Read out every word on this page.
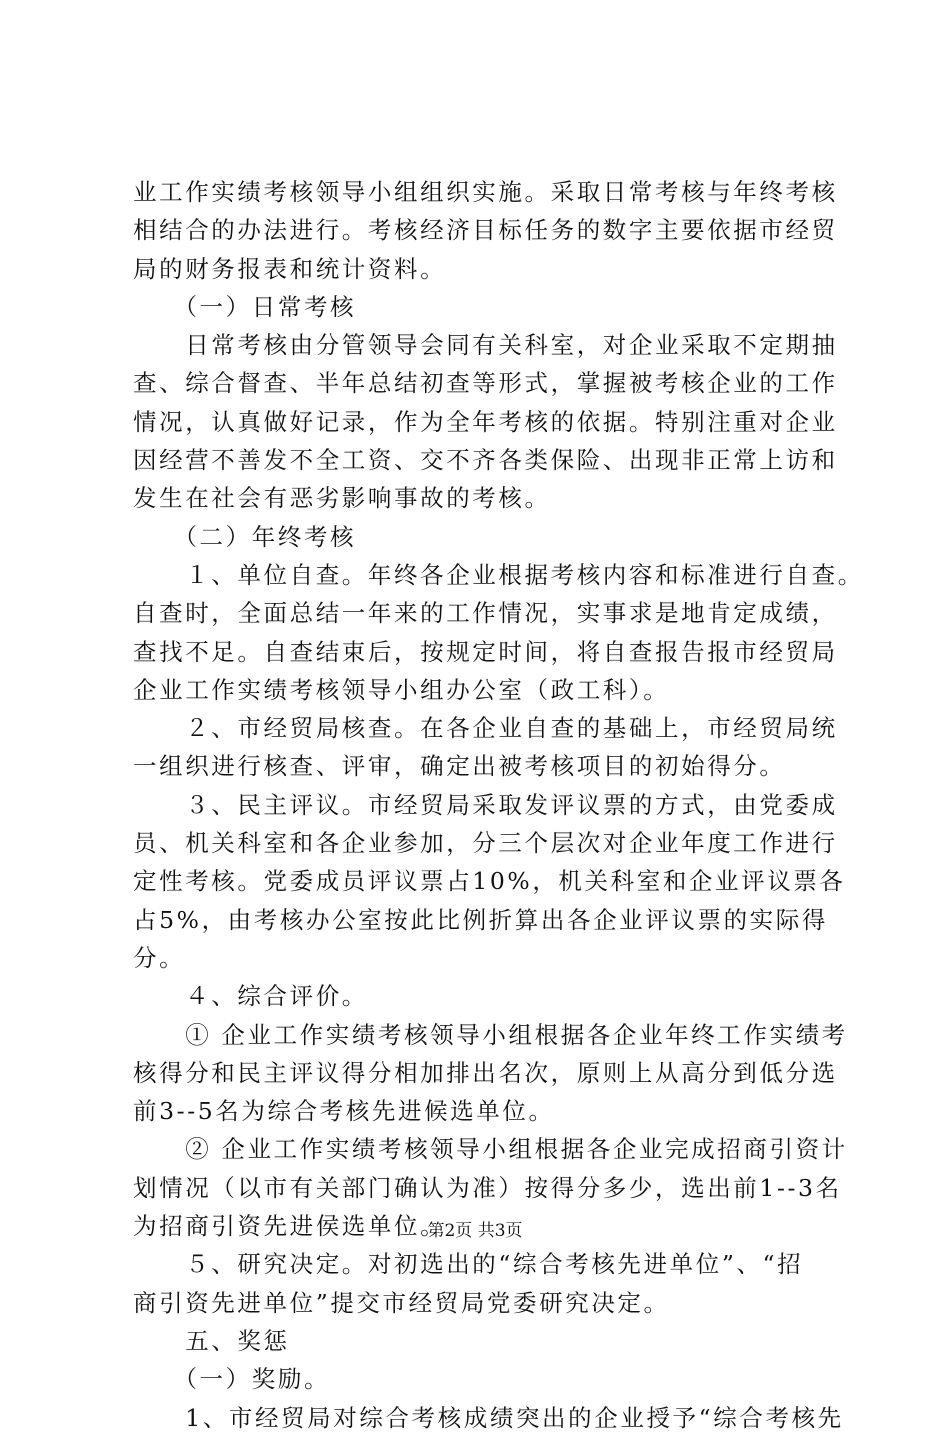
业工作实绩考核领导小组组织实施。采取日常考核与年终考核
相结合的办法进行。考核经济目标任务的数字主要依据市经贸
局的财务报表和统计资料。
　　（一）日常考核
　　日常考核由分管领导会同有关科室，对企业采取不定期抽
查、综合督查、半年总结初查等形式，掌握被考核企业的工作
情况，认真做好记录，作为全年考核的依据。特别注重对企业
因经营不善发不全工资、交不齐各类保险、出现非正常上访和
发生在社会有恶劣影响事故的考核。
　　（二）年终考核
　　１、单位自查。年终各企业根据考核内容和标准进行自查。
自查时，全面总结一年来的工作情况，实事求是地肯定成绩，
查找不足。自查结束后，按规定时间，将自查报告报市经贸局
企业工作实绩考核领导小组办公室（政工科）。
　　２、市经贸局核查。在各企业自查的基础上，市经贸局统
一组织进行核查、评审，确定出被考核项目的初始得分。
　　３、民主评议。市经贸局采取发评议票的方式，由党委成
员、机关科室和各企业参加，分三个层次对企业年度工作进行
定性考核。党委成员评议票占10%，机关科室和企业评议票各
占5%，由考核办公室按此比例折算出各企业评议票的实际得
分。
　　４、综合评价。
　　① 企业工作实绩考核领导小组根据各企业年终工作实绩考
核得分和民主评议得分相加排出名次，原则上从高分到低分选
前3--5名为综合考核先进候选单位。
　　② 企业工作实绩考核领导小组根据各企业完成招商引资计
划情况（以市有关部门确认为准）按得分多少，选出前1--3名
为招商引资先进侯选单位。
　　５、研究决定。对初选出的“综合考核先进单位”、“招
商引资先进单位”提交市经贸局党委研究决定。
　　五、奖惩
　　（一）奖励。
　　1、市经贸局对综合考核成绩突出的企业授予“综合考核先
第2页 共3页
